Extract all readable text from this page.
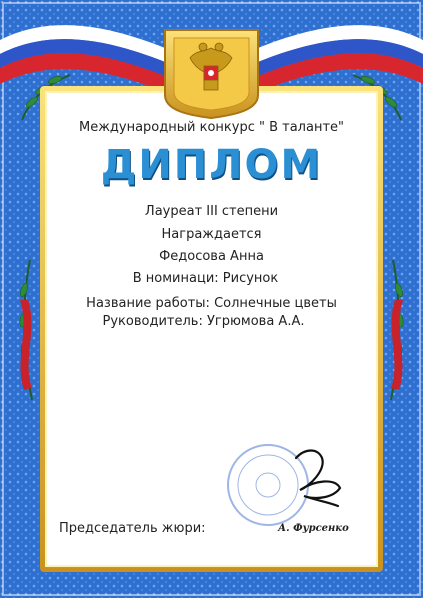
Международный конкурс " В таланте"
ДИПЛОМ
Лауреат III степени
Награждается
Федосова Анна
В номинаци: Рисунок
Название работы: Солнечные цветы
Руководитель: Угрюмова А.А.
Председатель жюри:	А. Фурсенко
